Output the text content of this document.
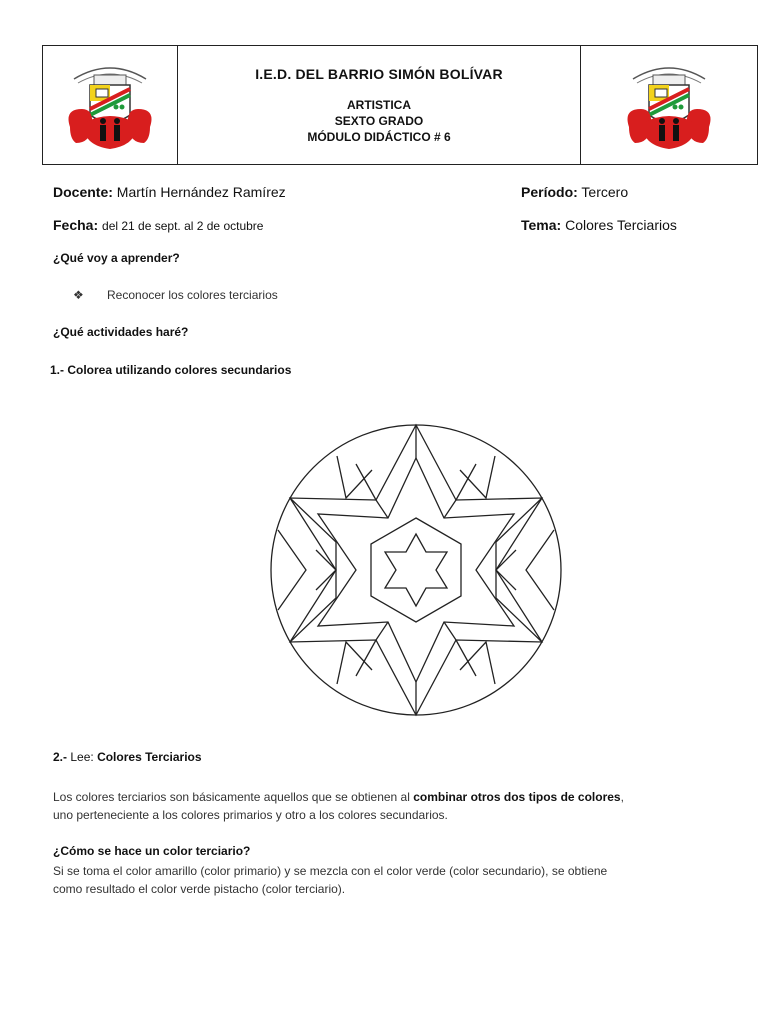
I.E.D. DEL BARRIO SIMÓN BOLÍVAR
ARTISTICA
SEXTO GRADO
MÓDULO DIDÁCTICO # 6
Docente: Martín Hernández Ramírez	Período: Tercero
Fecha: del 21 de sept. al 2 de octubre	Tema: Colores Terciarios
¿Qué voy a aprender?
❖ Reconocer los colores terciarios
¿Qué actividades haré?
1.- Colorea utilizando colores secundarios
2.- Lee: Colores Terciarios
Los colores terciarios son básicamente aquellos que se obtienen al combinar otros dos tipos de colores,
uno perteneciente a los colores primarios y otro a los colores secundarios.
¿Cómo se hace un color terciario?
Si se toma el color amarillo (color primario) y se mezcla con el color verde (color secundario), se obtiene
como resultado el color verde pistacho (color terciario).
